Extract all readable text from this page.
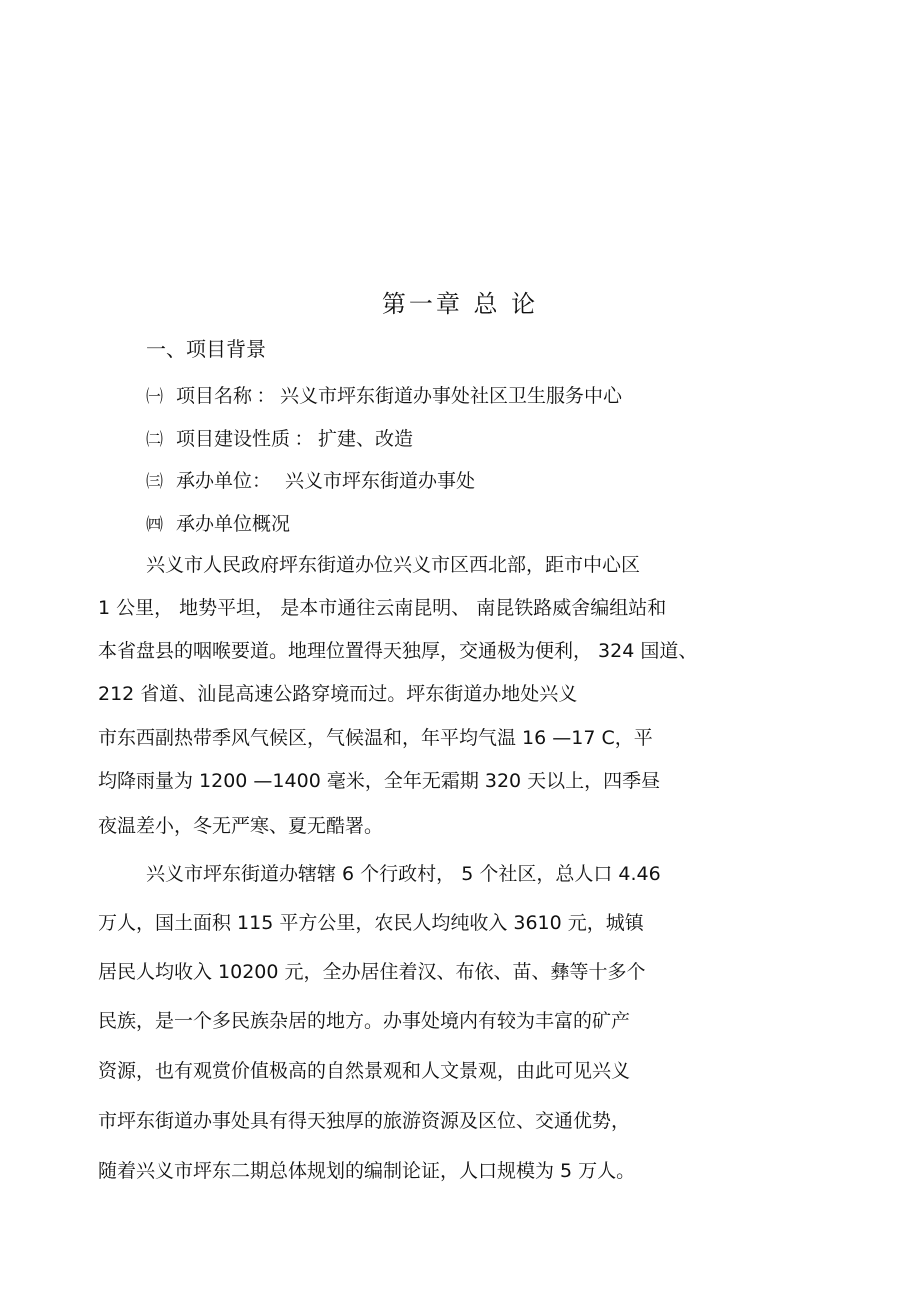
第一章 总 论
一、项目背景
㈠ 项目名称 ： 兴义市坪东街道办事处社区卫生服务中心
㈡ 项目建设性质 ： 扩建、改造
㈢ 承办单位： 兴义市坪东街道办事处
㈣ 承办单位概况
兴义市人民政府坪东街道办位兴义市区西北部，距市中心区
1 公里， 地势平坦， 是本市通往云南昆明、 南昆铁路威舍编组站和
本省盘县的咽喉要道。地理位置得天独厚，交通极为便利， 324 国道、
212 省道、汕昆高速公路穿境而过。坪东街道办地处兴义
市东西副热带季风气候区，气候温和，年平均气温 16 —17 C，平
均降雨量为 1200 —1400 毫米，全年无霜期 320 天以上，四季昼
夜温差小，冬无严寒、夏无酷署。
兴义市坪东街道办辖辖 6 个行政村， 5 个社区，总人口 4.46
万人，国土面积 115 平方公里，农民人均纯收入 3610 元，城镇
居民人均收入 10200 元，全办居住着汉、布依、苗、彝等十多个
民族，是一个多民族杂居的地方。办事处境内有较为丰富的矿产
资源，也有观赏价值极高的自然景观和人文景观，由此可见兴义
市坪东街道办事处具有得天独厚的旅游资源及区位、交通优势，
随着兴义市坪东二期总体规划的编制论证，人口规模为 5 万人。
